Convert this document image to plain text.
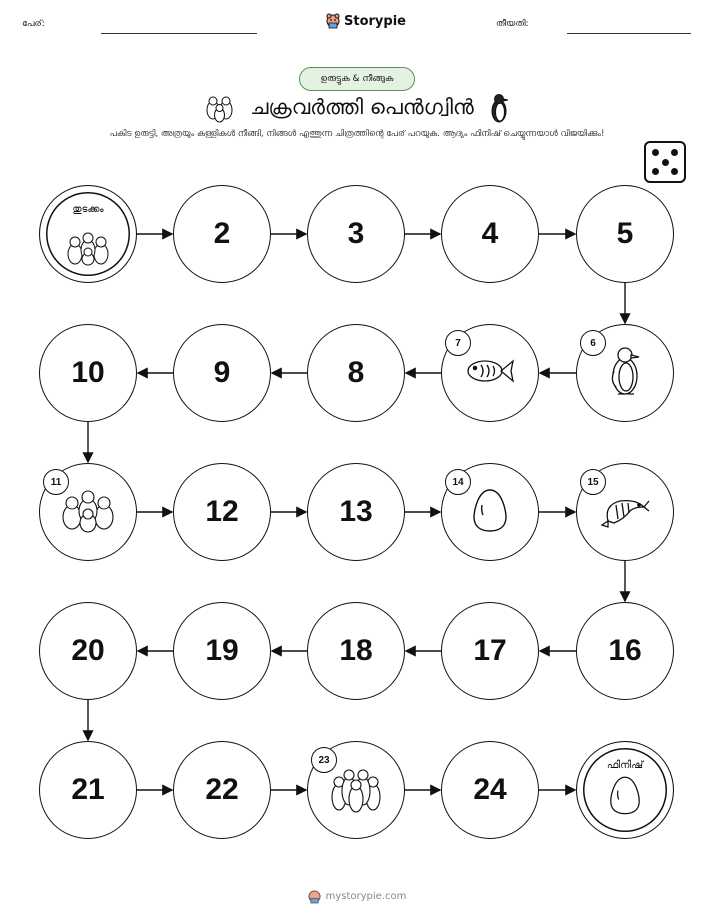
പേര്:	Storypie	തീയതി:
ഉരുട്ടുക & നീങ്ങുക
ചക്രവർത്തി പെൻഗ്വിൻ
പകിട ഉരുട്ടി, അത്രയും കള്ളികൾ നീങ്ങി, നിങ്ങൾ എത്തുന്ന ചിത്രത്തിന്റെ പേര് പറയുക. ആദ്യം ഫിനിഷ് ചെയ്യുന്നയാൾ വിജയിക്കും!
തുടക്കം
2	3	4	5
6
7
8
9
10
11
12	13
14	15
16
17
18
19
20
21	22
23
24
ഫിനിഷ്
mystorypie.com
